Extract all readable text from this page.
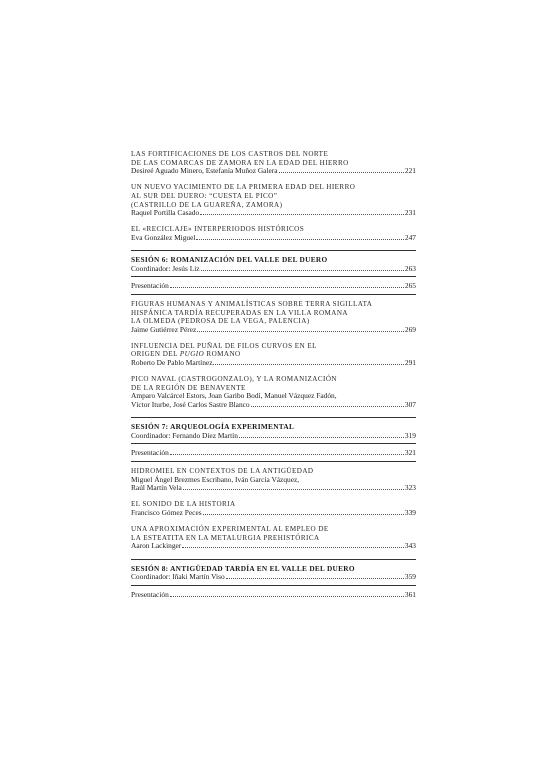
LAS FORTIFICACIONES DE LOS CASTROS DEL NORTE
DE LAS COMARCAS DE ZAMORA EN LA EDAD DEL HIERRO
Desireé Aguado Minero, Estefanía Muñoz Galera	221
UN NUEVO YACIMIENTO DE LA PRIMERA EDAD DEL HIERRO
AL SUR DEL DUERO: “CUESTA EL PICO”
(CASTRILLO DE LA GUAREÑA, ZAMORA)
Raquel Portilla Casado	231
EL «RECICLAJE» INTERPERIODOS HISTÓRICOS
Eva González Miguel	247
SESIÓN 6: ROMANIZACIÓN DEL VALLE DEL DUERO
Coordinador: Jesús Liz	263
Presentación	265
FIGURAS HUMANAS Y ANIMALÍSTICAS SOBRE TERRA SIGILLATA
HISPÁNICA TARDÍA RECUPERADAS EN LA VILLA ROMANA
LA OLMEDA (PEDROSA DE LA VEGA, PALENCIA)
Jaime Gutiérrez Pérez	269
INFLUENCIA DEL PUÑAL DE FILOS CURVOS EN EL
ORIGEN DEL PUGIO ROMANO
Roberto De Pablo Martínez	291
PICO NAVAL (CASTROGONZALO), Y LA ROMANIZACIÓN
DE LA REGIÓN DE BENAVENTE
Amparo Valcárcel Estors, Joan Garibo Bodí, Manuel Vázquez Fadón,
Víctor Iturbe, José Carlos Sastre Blanco	307
SESIÓN 7: ARQUEOLOGÍA EXPERIMENTAL
Coordinador: Fernando Díez Martín	319
Presentación	321
HIDROMIEL EN CONTEXTOS DE LA ANTIGÜEDAD
Miguel Ángel Brezmes Escribano, Iván García Vázquez,
Raúl Martín Vela	323
EL SONIDO DE LA HISTORIA
Francisco Gómez Peces	339
UNA APROXIMACIÓN EXPERIMENTAL AL EMPLEO DE
LA ESTEATITA EN LA METALURGIA PREHISTÓRICA
Aaron Lackinger	343
SESIÓN 8: ANTIGÜEDAD TARDÍA EN EL VALLE DEL DUERO
Coordinador: Iñaki Martín Viso	359
Presentación	361
